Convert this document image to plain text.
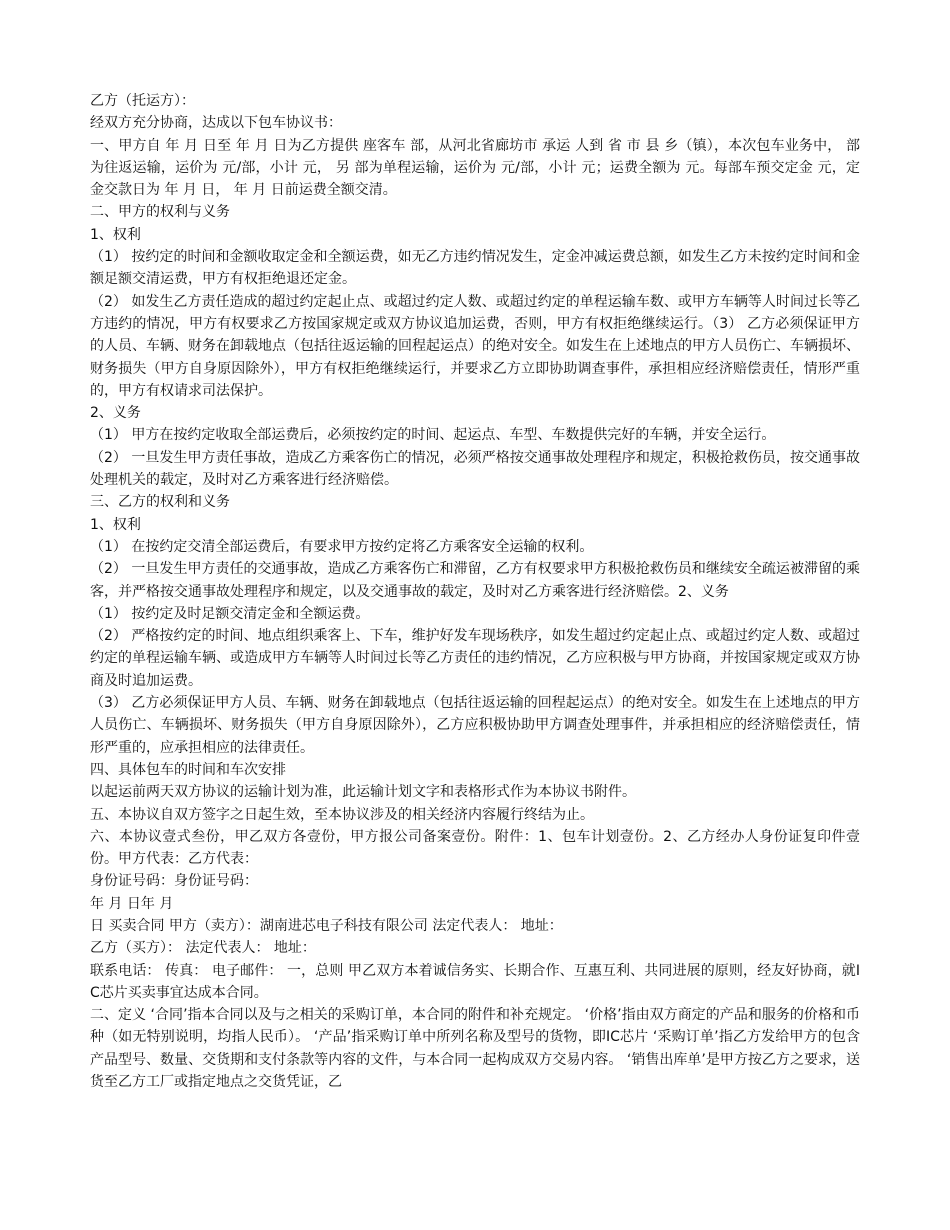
乙方（托运方）：

经双方充分协商，达成以下包车协议书：

一、甲方自 年 月 日至 年 月 日为乙方提供 座客车 部，从河北省廊坊市 承运 人到 省 市 县 乡（镇），本次包车业务中， 部为往返运输，运价为 元/部，小计 元， 另 部为单程运输，运价为 元/部，小计 元；运费全额为 元。每部车预交定金 元，定金交款日为 年 月 日， 年 月 日前运费全额交清。

二、甲方的权利与义务

1、权利

（1） 按约定的时间和金额收取定金和全额运费，如无乙方违约情况发生，定金冲减运费总额，如发生乙方未按约定时间和金额足额交清运费，甲方有权拒绝退还定金。

（2） 如发生乙方责任造成的超过约定起止点、或超过约定人数、或超过约定的单程运输车数、或甲方车辆等人时间过长等乙方违约的情况，甲方有权要求乙方按国家规定或双方协议追加运费，否则，甲方有权拒绝继续运行。（3） 乙方必须保证甲方的人员、车辆、财务在卸载地点（包括往返运输的回程起运点）的绝对安全。如发生在上述地点的甲方人员伤亡、车辆损坏、财务损失（甲方自身原因除外），甲方有权拒绝继续运行，并要求乙方立即协助调查事件，承担相应经济赔偿责任，情形严重的，甲方有权请求司法保护。

2、义务

（1） 甲方在按约定收取全部运费后，必须按约定的时间、起运点、车型、车数提供完好的车辆，并安全运行。

（2） 一旦发生甲方责任事故，造成乙方乘客伤亡的情况，必须严格按交通事故处理程序和规定，积极抢救伤员，按交通事故处理机关的载定，及时对乙方乘客进行经济赔偿。

三、乙方的权利和义务

1、权利

（1） 在按约定交清全部运费后，有要求甲方按约定将乙方乘客安全运输的权利。

（2） 一旦发生甲方责任的交通事故，造成乙方乘客伤亡和滞留，乙方有权要求甲方积极抢救伤员和继续安全疏运被滞留的乘客，并严格按交通事故处理程序和规定，以及交通事故的载定，及时对乙方乘客进行经济赔偿。2、义务

（1） 按约定及时足额交清定金和全额运费。

（2） 严格按约定的时间、地点组织乘客上、下车，维护好发车现场秩序，如发生超过约定起止点、或超过约定人数、或超过约定的单程运输车辆、或造成甲方车辆等人时间过长等乙方责任的违约情况，乙方应积极与甲方协商，并按国家规定或双方协商及时追加运费。

（3） 乙方必须保证甲方人员、车辆、财务在卸载地点（包括往返运输的回程起运点）的绝对安全。如发生在上述地点的甲方人员伤亡、车辆损坏、财务损失（甲方自身原因除外），乙方应积极协助甲方调查处理事件，并承担相应的经济赔偿责任，情形严重的，应承担相应的法律责任。

四、具体包车的时间和车次安排

以起运前两天双方协议的运输计划为准，此运输计划文字和表格形式作为本协议书附件。

五、本协议自双方签字之日起生效，至本协议涉及的相关经济内容履行终结为止。

六、本协议壹式叁份，甲乙双方各壹份，甲方报公司备案壹份。附件：1、包车计划壹份。2、乙方经办人身份证复印件壹份。甲方代表：乙方代表：

身份证号码：身份证号码：

年 月 日年 月

日 买卖合同 甲方（卖方）：湖南进芯电子科技有限公司 法定代表人： 地址：

乙方（买方）： 法定代表人： 地址：

联系电话： 传真： 电子邮件： 一，总则 甲乙双方本着诚信务实、长期合作、互惠互利、共同进展的原则，经友好协商，就IC芯片买卖事宜达成本合同。

二、定义 ‘合同’指本合同以及与之相关的采购订单，本合同的附件和补充规定。 ‘价格’指由双方商定的产品和服务的价格和币种（如无特别说明，均指人民币）。 ‘产品’指采购订单中所列名称及型号的货物，即IC芯片 ‘采购订单’指乙方发给甲方的包含产品型号、数量、交货期和支付条款等内容的文件，与本合同一起构成双方交易内容。 ‘销售出库单’是甲方按乙方之要求，送货至乙方工厂或指定地点之交货凭证，乙
